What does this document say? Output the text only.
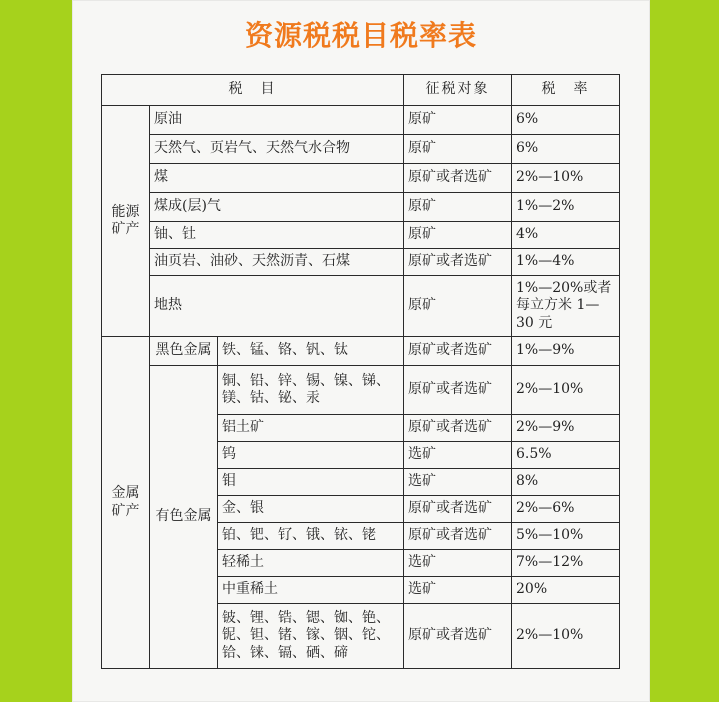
资源税税目税率表
税　目			征税对象	税　率
能源矿产	原油		原矿	6%
	天然气、页岩气、天然气水合物		原矿	6%
	煤		原矿或者选矿	2%—10%
	煤成(层)气		原矿	1%—2%
	铀、钍		原矿	4%
	油页岩、油砂、天然沥青、石煤		原矿或者选矿	1%—4%
	地热		原矿	1%—20%或者每立方米 1—30 元
金属矿产	黑色金属	铁、锰、铬、钒、钛	原矿或者选矿	1%—9%
	有色金属	铜、铅、锌、锡、镍、锑、镁、钴、铋、汞	原矿或者选矿	2%—10%
		铝土矿	原矿或者选矿	2%—9%
		钨	选矿	6.5%
		钼	选矿	8%
		金、银	原矿或者选矿	2%—6%
		铂、钯、钌、锇、铱、铑	原矿或者选矿	5%—10%
		轻稀土	选矿	7%—12%
		中重稀土	选矿	20%
		铍、锂、锆、锶、铷、铯、铌、钽、锗、镓、铟、铊、铪、铼、镉、硒、碲	原矿或者选矿	2%—10%
